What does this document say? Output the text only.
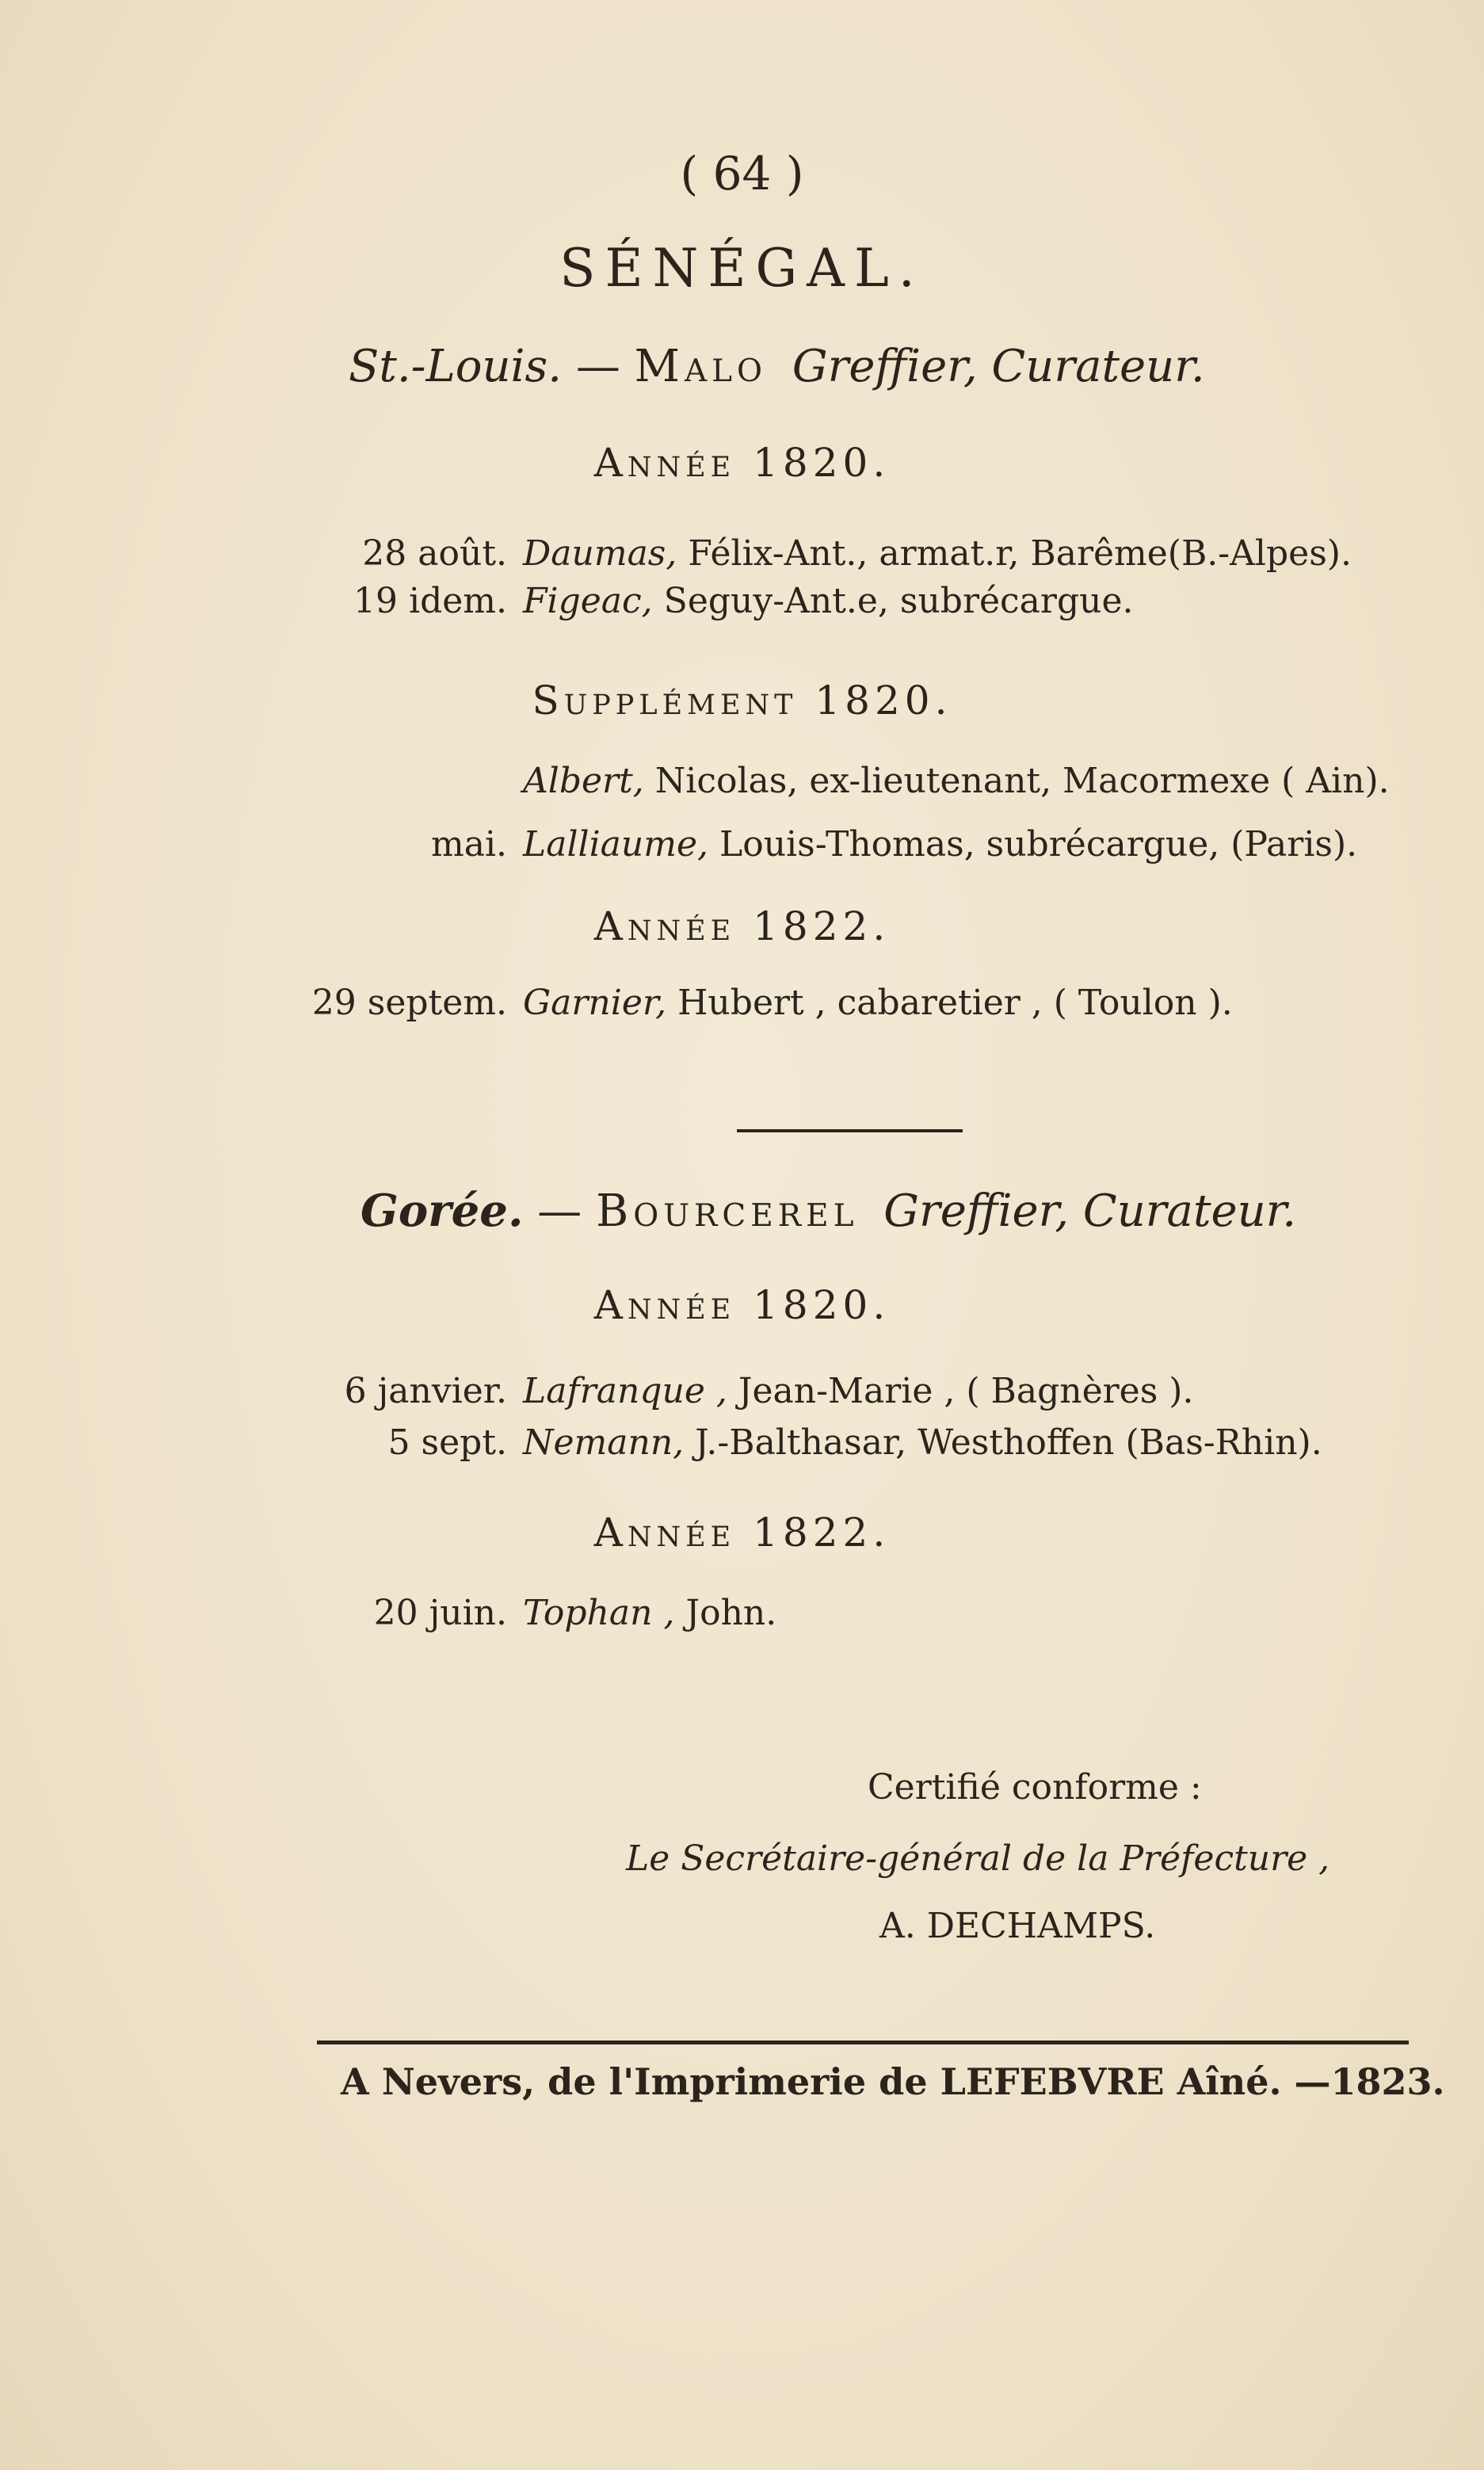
( 64 )
SÉNÉGAL.
St.-Louis. — Malo Greffier, Curateur.
Année 1820.
28 août. Daumas, Félix-Ant., armat.r, Barême(B.-Alpes).
19 idem. Figeac, Seguy-Ant.e, subrécargue.
Supplément 1820.
Albert, Nicolas, ex-lieutenant, Macormexe ( Ain).
mai. Lalliaume, Louis-Thomas, subrécargue, (Paris).
Année 1822.
29 septem. Garnier, Hubert , cabaretier , ( Toulon ).
Gorée. — Bourcerel Greffier, Curateur.
Année 1820.
6 janvier. Lafranque , Jean-Marie , ( Bagnères ).
5 sept. Nemann, J.-Balthasar, Westhoffen (Bas-Rhin).
Année 1822.
20 juin. Tophan , John.
Certifié conforme :
Le Secrétaire-général de la Préfecture ,
A. DECHAMPS.
A Nevers, de l'Imprimerie de LEFEBVRE Aîné. —1823.
